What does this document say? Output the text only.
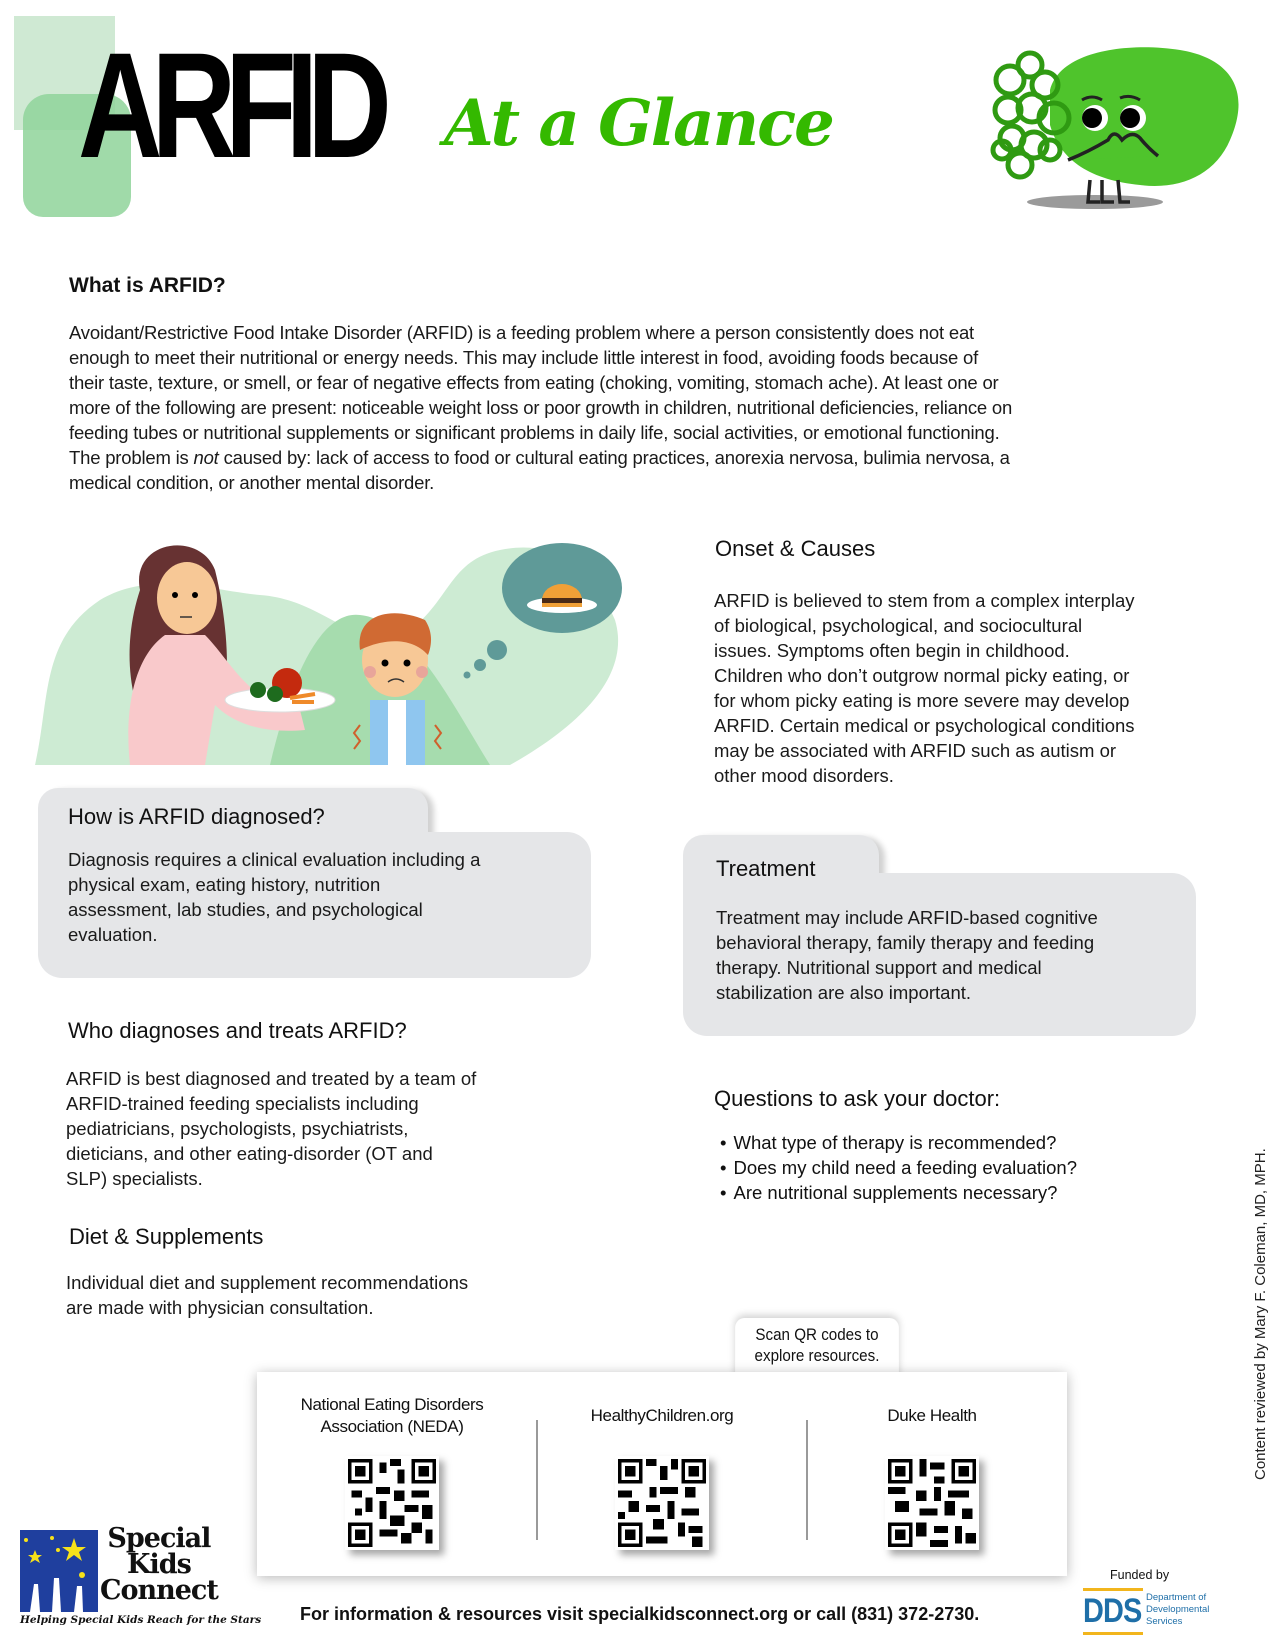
ARFID At a Glance
What is ARFID?
Avoidant/Restrictive Food Intake Disorder (ARFID) is a feeding problem where a person consistently does not eat
enough to meet their nutritional or energy needs. This may include little interest in food, avoiding foods because of
their taste, texture, or smell, or fear of negative effects from eating (choking, vomiting, stomach ache). At least one or
more of the following are present: noticeable weight loss or poor growth in children, nutritional deficiencies, reliance on
feeding tubes or nutritional supplements or significant problems in daily life, social activities, or emotional functioning.
The problem is not caused by: lack of access to food or cultural eating practices, anorexia nervosa, bulimia nervosa, a
medical condition, or another mental disorder.
Onset & Causes
ARFID is believed to stem from a complex interplay
of biological, psychological, and sociocultural
issues. Symptoms often begin in childhood.
Children who don’t outgrow normal picky eating, or
for whom picky eating is more severe may develop
ARFID. Certain medical or psychological conditions
may be associated with ARFID such as autism or
other mood disorders.
How is ARFID diagnosed?
Diagnosis requires a clinical evaluation including a
physical exam, eating history, nutrition
assessment, lab studies, and psychological
evaluation.
Treatment
Treatment may include ARFID-based cognitive
behavioral therapy, family therapy and feeding
therapy. Nutritional support and medical
stabilization are also important.
Who diagnoses and treats ARFID?
ARFID is best diagnosed and treated by a team of
ARFID-trained feeding specialists including
pediatricians, psychologists, psychiatrists,
dieticians, and other eating-disorder (OT and
SLP) specialists.
Questions to ask your doctor:
• What type of therapy is recommended?
• Does my child need a feeding evaluation?
• Are nutritional supplements necessary?
Diet & Supplements
Individual diet and supplement recommendations
are made with physician consultation.
Scan QR codes to
explore resources.
National Eating Disorders
Association (NEDA)
HealthyChildren.org	Duke Health	Content reviewed by Mary F. Coleman, MD, MPH.
Special
Kids
Connect
Helping Special Kids Reach for the Stars For information & resources visit specialkidsconnect.org or call (831) 372-2730.
Funded by
DDS Department of
Developmental
Services
